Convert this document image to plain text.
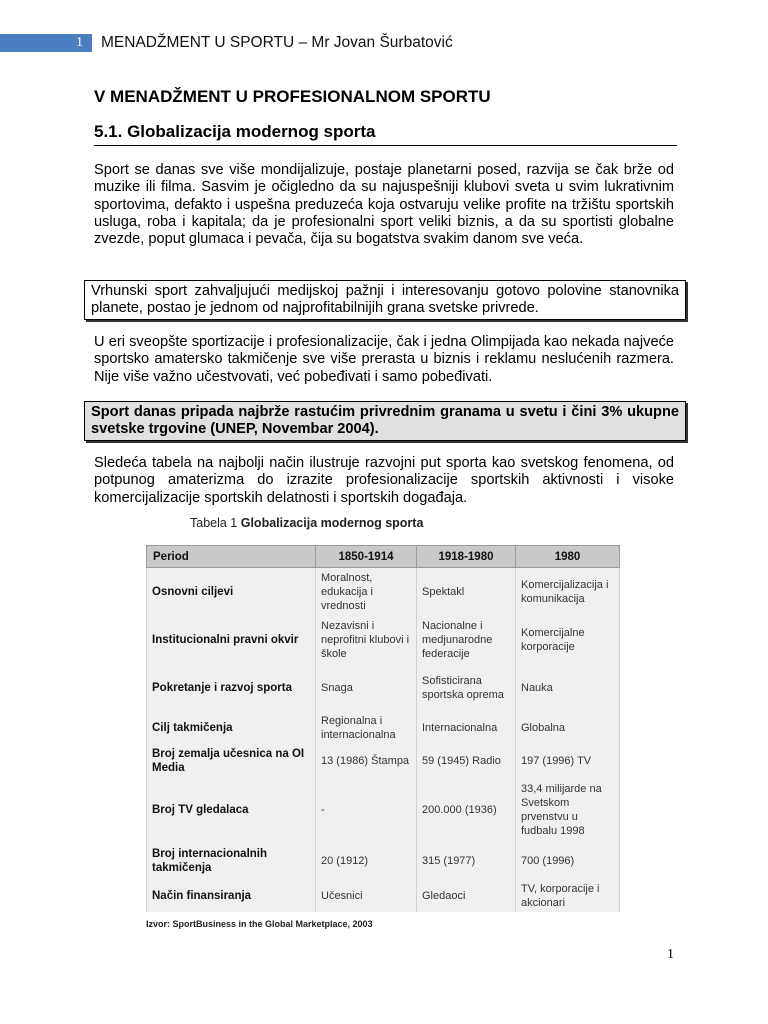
1 MENADŽMENT U SPORTU – Mr Jovan Šurbatović
V MENADŽMENT U PROFESIONALNOM SPORTU
5.1. Globalizacija modernog sporta
Sport se danas sve više mondijalizuje, postaje planetarni posed, razvija se čak brže od muzike ili filma. Sasvim je očigledno da su najuspešniji klubovi sveta u svim lukrativnim sportovima, defakto i uspešna preduzeća koja ostvaruju velike profite na tržištu sportskih usluga, roba i kapitala; da je profesionalni sport veliki biznis, a da su sportisti globalne zvezde, poput glumaca i pevača, čija su bogatstva svakim danom sve veća.
Vrhunski sport zahvaljujući medijskoj pažnji i interesovanju gotovo polovine stanovnika planete, postao je jednom od najprofitabilnijih grana svetske privrede.
U eri sveopšte sportizacije i profesionalizacije, čak i jedna Olimpijada kao nekada najveće sportsko amatersko takmičenje sve više prerasta u biznis i reklamu neslućenih razmera. Nije više važno učestvovati, već pobeđivati i samo pobeđivati.
Sport danas pripada najbrže rastućim privrednim granama u svetu i čini 3% ukupne svetske trgovine (UNEP, Novembar 2004).
Sledeća tabela na najbolji način ilustruje razvojni put sporta kao svetskog fenomena, od potpunog amaterizma do izrazite profesionalizacije sportskih aktivnosti i visoke komercijalizacije sportskih delatnosti i sportskih događaja.
Tabela 1 Globalizacija modernog sporta
Period	1850-1914	1918-1980	1980
Osnovni ciljevi	Moralnost, edukacija i vrednosti	Spektakl	Komercijalizacija i komunikacija
Institucionalni pravni okvir	Nezavisni i neprofitni klubovi i škole	Nacionalne i medjunarodne federacije	Komercijalne korporacije
Pokretanje i razvoj sporta	Snaga	Sofisticirana sportska oprema	Nauka
Cilj takmičenja	Regionalna i internacionalna	Internacionalna	Globalna
Broj zemalja učesnica na OI Media	13 (1986) Štampa	59 (1945) Radio	197 (1996) TV
Broj TV gledalaca	-	200.000 (1936)	33,4 milijarde na Svetskom prvenstvu u fudbalu 1998
Broj internacionalnih takmičenja	20 (1912)	315 (1977)	700 (1996)
Način finansiranja	Učesnici	Gledaoci	TV, korporacije i akcionari
Izvor: SportBusiness in the Global Marketplace, 2003
1
